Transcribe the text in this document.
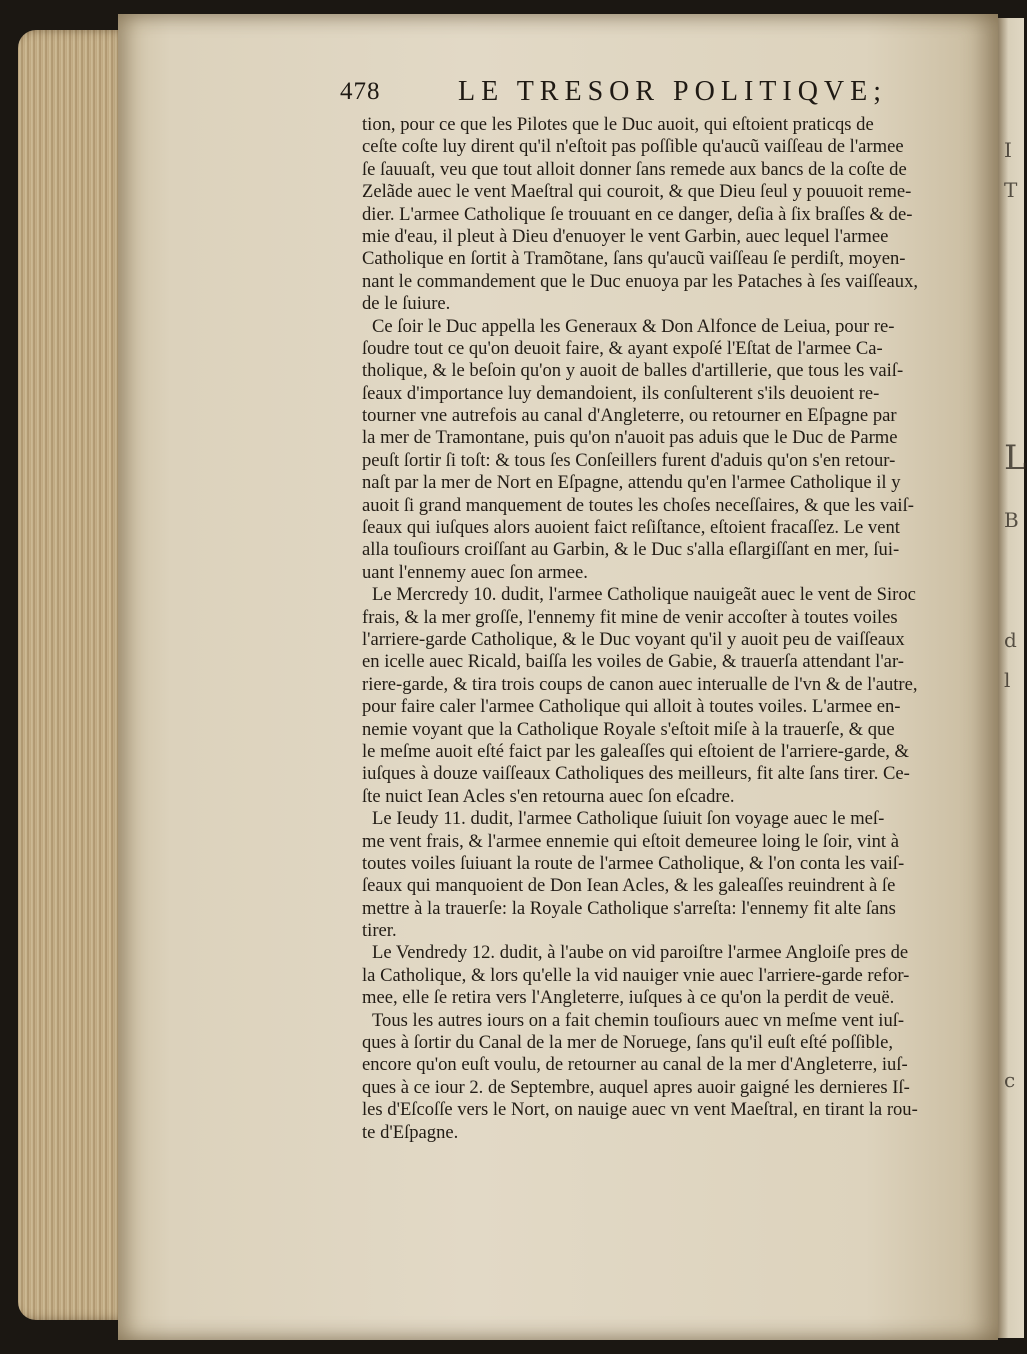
I
T
L
B
d
l
c
478	LE TRESOR POLITIQVE;
tion, pour ce que les Pilotes que le Duc auoit, qui eſtoient praticqs de
ceſte coſte luy dirent qu'il n'eſtoit pas poſſible qu'aucũ vaiſſeau de l'armee
ſe ſauuaſt, veu que tout alloit donner ſans remede aux bancs de la coſte de
Zelãde auec le vent Maeſtral qui couroit, & que Dieu ſeul y pouuoit reme-
dier. L'armee Catholique ſe trouuant en ce danger, deſia à ſix braſſes & de-
mie d'eau, il pleut à Dieu d'enuoyer le vent Garbin, auec lequel l'armee
Catholique en ſortit à Tramõtane, ſans qu'aucũ vaiſſeau ſe perdiſt, moyen-
nant le commandement que le Duc enuoya par les Pataches à ſes vaiſſeaux,
de le ſuiure.
Ce ſoir le Duc appella les Generaux & Don Alfonce de Leiua, pour re-
ſoudre tout ce qu'on deuoit faire, & ayant expoſé l'Eſtat de l'armee Ca-
tholique, & le beſoin qu'on y auoit de balles d'artillerie, que tous les vaiſ-
ſeaux d'importance luy demandoient, ils conſulterent s'ils deuoient re-
tourner vne autrefois au canal d'Angleterre, ou retourner en Eſpagne par
la mer de Tramontane, puis qu'on n'auoit pas aduis que le Duc de Parme
peuſt ſortir ſi toſt: & tous ſes Conſeillers furent d'aduis qu'on s'en retour-
naſt par la mer de Nort en Eſpagne, attendu qu'en l'armee Catholique il y
auoit ſi grand manquement de toutes les choſes neceſſaires, & que les vaiſ-
ſeaux qui iuſques alors auoient faict reſiſtance, eſtoient fracaſſez. Le vent
alla touſiours croiſſant au Garbin, & le Duc s'alla eſlargiſſant en mer, ſui-
uant l'ennemy auec ſon armee.
Le Mercredy 10. dudit, l'armee Catholique nauigeãt auec le vent de Siroc
frais, & la mer groſſe, l'ennemy fit mine de venir accoſter à toutes voiles
l'arriere-garde Catholique, & le Duc voyant qu'il y auoit peu de vaiſſeaux
en icelle auec Ricald, baiſſa les voiles de Gabie, & trauerſa attendant l'ar-
riere-garde, & tira trois coups de canon auec interualle de l'vn & de l'autre,
pour faire caler l'armee Catholique qui alloit à toutes voiles. L'armee en-
nemie voyant que la Catholique Royale s'eſtoit miſe à la trauerſe, & que
le meſme auoit eſté faict par les galeaſſes qui eſtoient de l'arriere-garde, &
iuſques à douze vaiſſeaux Catholiques des meilleurs, fit alte ſans tirer. Ce-
ſte nuict Iean Acles s'en retourna auec ſon eſcadre.
Le Ieudy 11. dudit, l'armee Catholique ſuiuit ſon voyage auec le meſ-
me vent frais, & l'armee ennemie qui eſtoit demeuree loing le ſoir, vint à
toutes voiles ſuiuant la route de l'armee Catholique, & l'on conta les vaiſ-
ſeaux qui manquoient de Don Iean Acles, & les galeaſſes reuindrent à ſe
mettre à la trauerſe: la Royale Catholique s'arreſta: l'ennemy fit alte ſans
tirer.
Le Vendredy 12. dudit, à l'aube on vid paroiſtre l'armee Angloiſe pres de
la Catholique, & lors qu'elle la vid nauiger vnie auec l'arriere-garde refor-
mee, elle ſe retira vers l'Angleterre, iuſques à ce qu'on la perdit de veuë.
Tous les autres iours on a fait chemin touſiours auec vn meſme vent iuſ-
ques à ſortir du Canal de la mer de Noruege, ſans qu'il euſt eſté poſſible,
encore qu'on euſt voulu, de retourner au canal de la mer d'Angleterre, iuſ-
ques à ce iour 2. de Septembre, auquel apres auoir gaigné les dernieres Iſ-
les d'Eſcoſſe vers le Nort, on nauige auec vn vent Maeſtral, en tirant la rou-
te d'Eſpagne.
